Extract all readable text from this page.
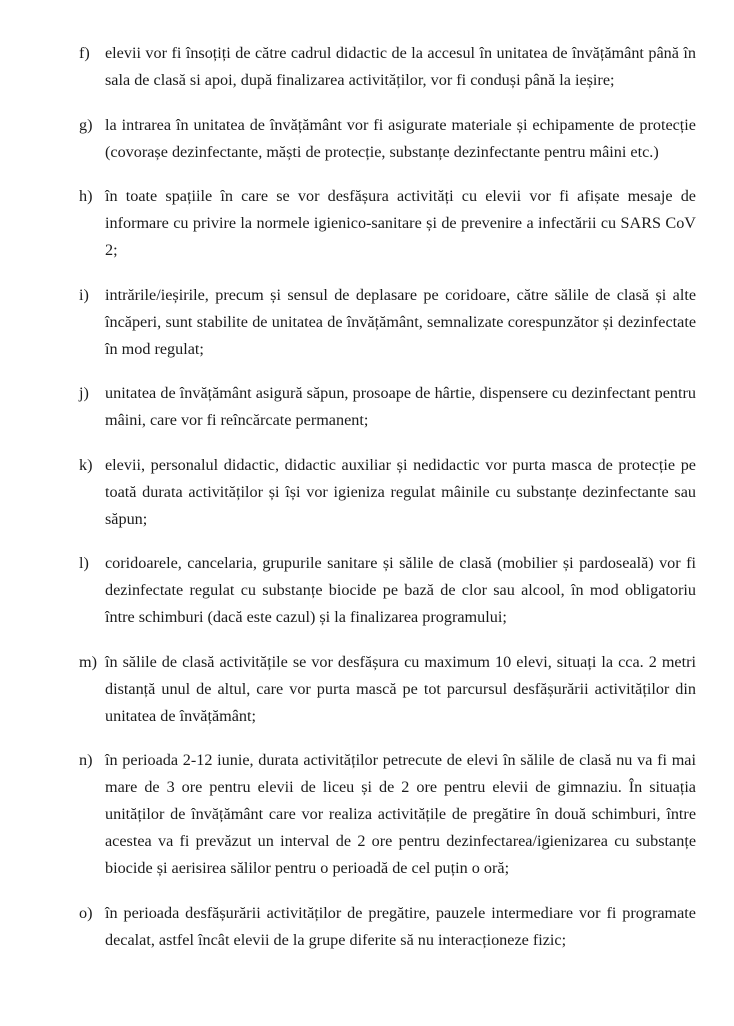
f) elevii vor fi însoțiți de către cadrul didactic de la accesul în unitatea de învățământ până în sala de clasă si apoi, după finalizarea activităților, vor fi conduși până la ieșire;
g) la intrarea în unitatea de învățământ vor fi asigurate materiale și echipamente de protecție (covorașe dezinfectante, măști de protecție, substanțe dezinfectante pentru mâini etc.)
h) în toate spațiile în care se vor desfășura activități cu elevii vor fi afișate mesaje de informare cu privire la normele igienico-sanitare și de prevenire a infectării cu SARS CoV 2;
i) intrările/ieșirile, precum și sensul de deplasare pe coridoare, către sălile de clasă și alte încăperi, sunt stabilite de unitatea de învățământ, semnalizate corespunzător și dezinfectate în mod regulat;
j) unitatea de învățământ asigură săpun, prosoape de hârtie, dispensere cu dezinfectant pentru mâini, care vor fi reîncărcate permanent;
k) elevii, personalul didactic, didactic auxiliar și nedidactic vor purta masca de protecție pe toată durata activităților și își vor igieniza regulat mâinile cu substanțe dezinfectante sau săpun;
l) coridoarele, cancelaria, grupurile sanitare și sălile de clasă (mobilier și pardoseală) vor fi dezinfectate regulat cu substanțe biocide pe bază de clor sau alcool, în mod obligatoriu între schimburi (dacă este cazul) și la finalizarea programului;
m) în sălile de clasă activitățile se vor desfășura cu maximum 10 elevi, situați la cca. 2 metri distanță unul de altul, care vor purta mască pe tot parcursul desfășurării activităților din unitatea de învățământ;
n) în perioada 2-12 iunie, durata activităților petrecute de elevi în sălile de clasă nu va fi mai mare de 3 ore pentru elevii de liceu și de 2 ore pentru elevii de gimnaziu. În situația unităților de învățământ care vor realiza activitățile de pregătire în două schimburi, între acestea va fi prevăzut un interval de 2 ore pentru dezinfectarea/igienizarea cu substanțe biocide și aerisirea sălilor pentru o perioadă de cel puțin o oră;
o) în perioada desfășurării activităților de pregătire, pauzele intermediare vor fi programate decalat, astfel încât elevii de la grupe diferite să nu interacționeze fizic;
